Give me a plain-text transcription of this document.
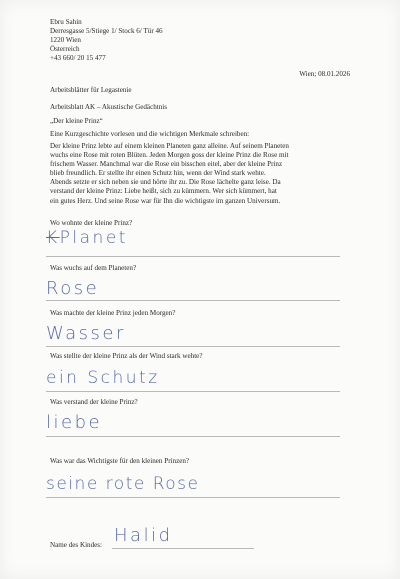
Ebru Sahin
Derresgasse 5/Stiege 1/ Stock 6/ Tür 46
1220 Wien
Österreich
+43 660/ 20 15 477
Wien; 08.01.2026
Arbeitsblätter für Legastenie
Arbeitsblatt AK – Akustische Gedächtnis
„Der kleine Prinz“
Eine Kurzgeschichte vorlesen und die wichtigen Merkmale schreiben:
Der kleine Prinz lebte auf einem kleinen Planeten ganz alleine. Auf seinem Planeten
wuchs eine Rose mit roten Blüten. Jeden Morgen goss der kleine Prinz die Rose mit
frischem Wasser. Manchmal war die Rose ein bisschen eitel, aber der kleine Prinz
blieb freundlich. Er stellte ihr einen Schutz hin, wenn der Wind stark wehte.
Abends setzte er sich neben sie und hörte ihr zu. Die Rose lächelte ganz leise. Da
verstand der kleine Prinz: Liebe heißt, sich zu kümmern. Wer sich kümmert, hat
ein gutes Herz. Und seine Rose war für Ihn die wichtigste im ganzen Universum.
Wo wohnte der kleine Prinz?
KPlanet
Was wuchs auf dem Planeten?
Rose
Was machte der kleine Prinz jeden Morgen?
Wasser
Was stellte der kleine Prinz als der Wind stark wehte?
ein Schutz
Was verstand der kleine Prinz?
liebe
Was war das Wichtigste für den kleinen Prinzen?
seine rote Rose
Name des Kindes: Halid
